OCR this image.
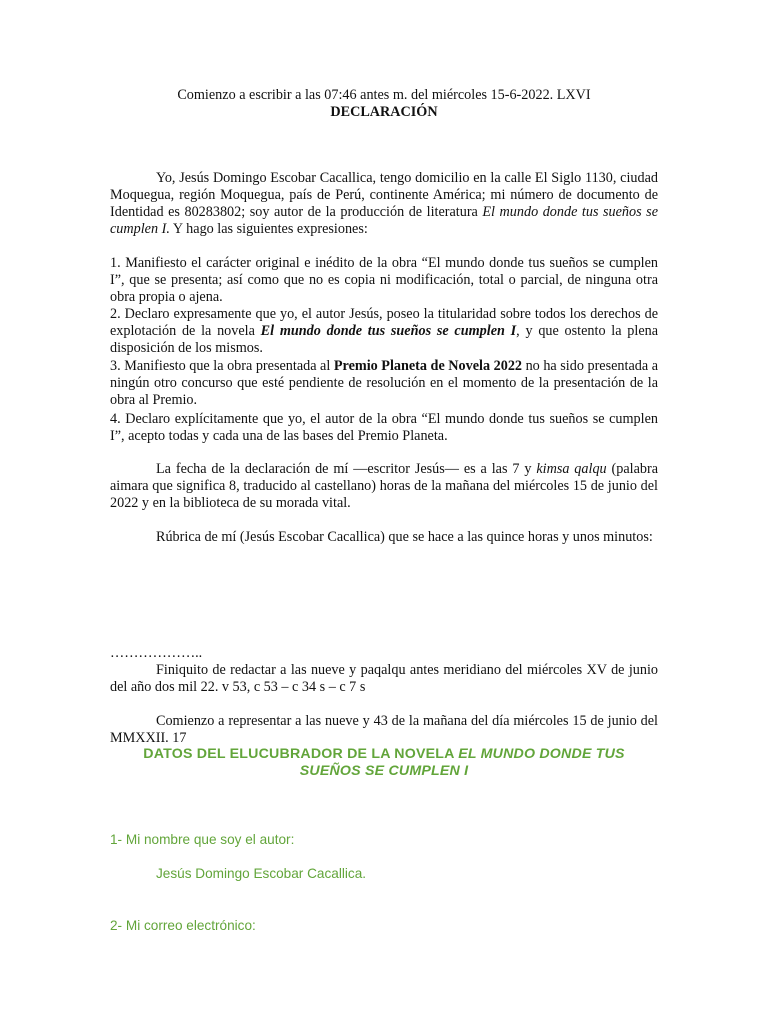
Comienzo a escribir a las 07:46 antes m. del miércoles 15-6-2022. LXVI

DECLARACIÓN

Yo, Jesús Domingo Escobar Cacallica, tengo domicilio en la calle El Siglo 1130, ciudad Moquegua, región Moquegua, país de Perú, continente América; mi número de documento de Identidad es 80283802; soy autor de la producción de literatura El mundo donde tus sueños se cumplen I. Y hago las siguientes expresiones:

1. Manifiesto el carácter original e inédito de la obra “El mundo donde tus sueños se cumplen I”, que se presenta; así como que no es copia ni modificación, total o parcial, de ninguna otra obra propia o ajena.

2. Declaro expresamente que yo, el autor Jesús, poseo la titularidad sobre todos los derechos de explotación de la novela El mundo donde tus sueños se cumplen I, y que ostento la plena disposición de los mismos.

3. Manifiesto que la obra presentada al Premio Planeta de Novela 2022 no ha sido presentada a ningún otro concurso que esté pendiente de resolución en el momento de la presentación de la obra al Premio.

4. Declaro explícitamente que yo, el autor de la obra “El mundo donde tus sueños se cumplen I”, acepto todas y cada una de las bases del Premio Planeta.

La fecha de la declaración de mí —escritor Jesús— es a las 7 y kimsa qalqu (palabra aimara que significa 8, traducido al castellano) horas de la mañana del miércoles 15 de junio del 2022 y en la biblioteca de su morada vital.

Rúbrica de mí (Jesús Escobar Cacallica) que se hace a las quince horas y unos minutos:

………………..

Finiquito de redactar a las nueve y paqalqu antes meridiano del miércoles XV de junio del año dos mil 22. v 53, c 53 – c 34 s – c 7 s

Comienzo a representar a las nueve y 43 de la mañana del día miércoles 15 de junio del MMXXII. 17

DATOS DEL ELUCUBRADOR DE LA NOVELA EL MUNDO DONDE TUS
SUEÑOS SE CUMPLEN I

1- Mi nombre que soy el autor:

Jesús Domingo Escobar Cacallica.

2- Mi correo electrónico:
